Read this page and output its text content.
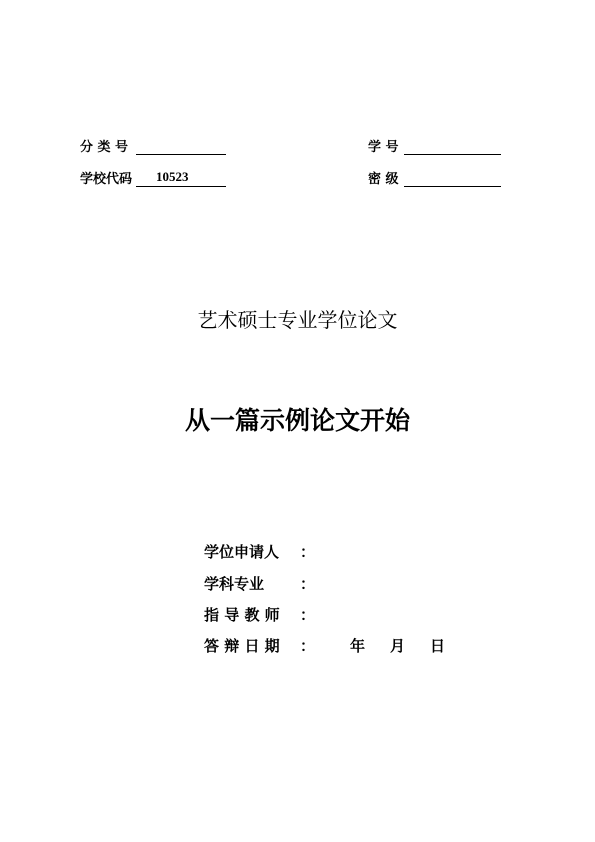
分 类 号	学 号
学校代码 10523	密 级
艺术硕士专业学位论文
从一篇示例论文开始
学位申请人 ：
学科专业 ：
指 导 教 师 ：
答 辩 日 期 ： 年 月 日
